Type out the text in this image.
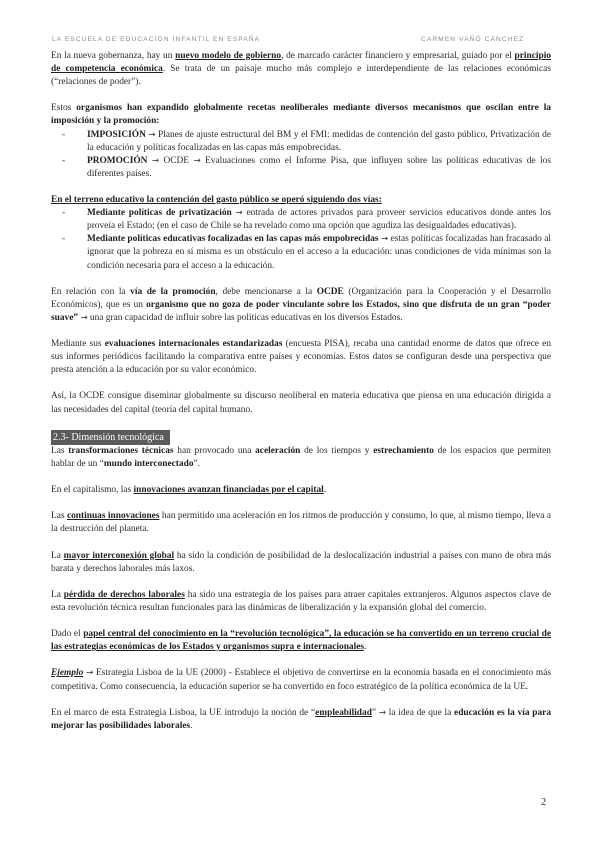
LA ESCUELA DE EDUCACIÓN INFANTIL EN ESPAÑA	CARMEN VAÑÓ CÁNCHEZ

En la nueva gobernanza, hay un nuevo modelo de gobierno, de marcado carácter financiero y empresarial, guiado por el principio de competencia económica. Se trata de un paisaje mucho más complejo e interdependiente de las relaciones económicas (“relaciones de poder”).

Estos organismos han expandido globalmente recetas neoliberales mediante diversos mecanismos que oscilan entre la imposición y la promoción:

- IMPOSICIÓN → Planes de ajuste estructural del BM y el FMI: medidas de contención del gasto público. Privatización de la educación y políticas focalizadas en las capas más empobrecidas.
- PROMOCIÓN → OCDE → Evaluaciones como el Informe Pisa, que influyen sobre las políticas educativas de los diferentes países.

En el terreno educativo la contención del gasto público se operó siguiendo dos vías:

- Mediante políticas de privatización → entrada de actores privados para proveer servicios educativos donde antes los proveía el Estado; (en el caso de Chile se ha revelado como una opción que agudiza las desigualdades educativas).
- Mediante políticas educativas focalizadas en las capas más empobrecidas → estas políticas focalizadas han fracasado al ignorar que la pobreza en sí misma es un obstáculo en el acceso a la educación: unas condiciones de vida mínimas son la condición necesaria para el acceso a la educación.

En relación con la vía de la promoción, debe mencionarse a la OCDE (Organización para la Cooperación y el Desarrollo Económicos), que es un organismo que no goza de poder vinculante sobre los Estados, sino que disfruta de un gran “poder suave” → una gran capacidad de influir sobre las políticas educativas en los diversos Estados.

Mediante sus evaluaciones internacionales estandarizadas (encuesta PISA), recaba una cantidad enorme de datos que ofrece en sus informes periódicos facilitando la comparativa entre países y economías. Estos datos se configuran desde una perspectiva que presta atención a la educación por su valor económico.

Así, la OCDE consigue diseminar globalmente su discurso neoliberal en materia educativa que piensa en una educación dirigida a las necesidades del capital (teoría del capital humano.

2.3- Dimensión tecnológica

Las transformaciones técnicas han provocado una aceleración de los tiempos y estrechamiento de los espacios que permiten hablar de un “mundo interconectado”.

En el capitalismo, las innovaciones avanzan financiadas por el capital.

Las continuas innovaciones han permitido una aceleración en los ritmos de producción y consumo, lo que, al mismo tiempo, lleva a la destrucción del planeta.

La mayor interconexión global ha sido la condición de posibilidad de la deslocalización industrial a países con mano de obra más barata y derechos laborales más laxos.

La pérdida de derechos laborales ha sido una estrategia de los países para atraer capitales extranjeros. Algunos aspectos clave de esta revolución técnica resultan funcionales para las dinámicas de liberalización y la expansión global del comercio.

Dado el papel central del conocimiento en la “revolución tecnológica”, la educación se ha convertido en un terreno crucial de las estrategias económicas de los Estados y organismos supra e internacionales.

Ejemplo → Estrategia Lisboa de la UE (2000) - Establece el objetivo de convertirse en la economía basada en el conocimiento más competitiva. Como consecuencia, la educación superior se ha convertido en foco estratégico de la política económica de la UE.

En el marco de esta Estrategia Lisboa, la UE introdujo la noción de “empleabilidad” → la idea de que la educación es la vía para mejorar las posibilidades laborales.

2
